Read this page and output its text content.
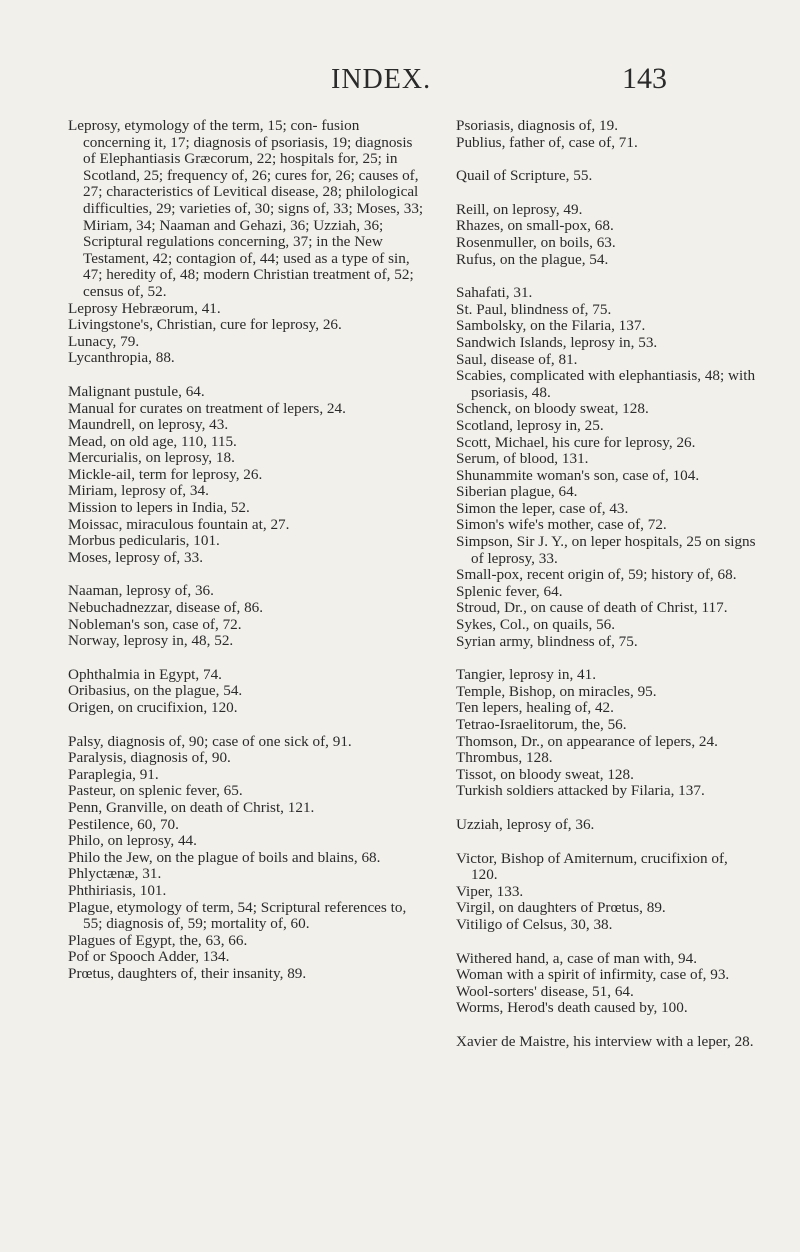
INDEX.	143

Leprosy, etymology of the term, 15; con- fusion concerning it, 17; diagnosis of psoriasis, 19; diagnosis of Elephantiasis Græcorum, 22; hospitals for, 25; in Scotland, 25; frequency of, 26; cures for, 26; causes of, 27; characteristics of Levitical disease, 28; philological difficulties, 29; varieties of, 30; signs of, 33; Moses, 33; Miriam, 34; Naaman and Gehazi, 36; Uzziah, 36; Scriptural regulations concerning, 37; in the New Testament, 42; contagion of, 44; used as a type of sin, 47; heredity of, 48; modern Christian treatment of, 52; census of, 52.

Leprosy Hebræorum, 41.

Livingstone's, Christian, cure for leprosy, 26.

Lunacy, 79.

Lycanthropia, 88.

Malignant pustule, 64.

Manual for curates on treatment of lepers, 24.

Maundrell, on leprosy, 43.

Mead, on old age, 110, 115.

Mercurialis, on leprosy, 18.

Mickle-ail, term for leprosy, 26.

Miriam, leprosy of, 34.

Mission to lepers in India, 52.

Moissac, miraculous fountain at, 27.

Morbus pedicularis, 101.

Moses, leprosy of, 33.

Naaman, leprosy of, 36.

Nebuchadnezzar, disease of, 86.

Nobleman's son, case of, 72.

Norway, leprosy in, 48, 52.

Ophthalmia in Egypt, 74.

Oribasius, on the plague, 54.

Origen, on crucifixion, 120.

Palsy, diagnosis of, 90; case of one sick of, 91.

Paralysis, diagnosis of, 90.

Paraplegia, 91.

Pasteur, on splenic fever, 65.

Penn, Granville, on death of Christ, 121.

Pestilence, 60, 70.

Philo, on leprosy, 44.

Philo the Jew, on the plague of boils and blains, 68.

Phlyctænæ, 31.

Phthiriasis, 101.

Plague, etymology of term, 54; Scriptural references to, 55; diagnosis of, 59; mortality of, 60.

Plagues of Egypt, the, 63, 66.

Pof or Spooch Adder, 134.

Prœtus, daughters of, their insanity, 89.

Psoriasis, diagnosis of, 19.

Publius, father of, case of, 71.

Quail of Scripture, 55.

Reill, on leprosy, 49.

Rhazes, on small-pox, 68.

Rosenmuller, on boils, 63.

Rufus, on the plague, 54.

Sahafati, 31.

St. Paul, blindness of, 75.

Sambolsky, on the Filaria, 137.

Sandwich Islands, leprosy in, 53.

Saul, disease of, 81.

Scabies, complicated with elephantiasis, 48; with psoriasis, 48.

Schenck, on bloody sweat, 128.

Scotland, leprosy in, 25.

Scott, Michael, his cure for leprosy, 26.

Serum, of blood, 131.

Shunammite woman's son, case of, 104.

Siberian plague, 64.

Simon the leper, case of, 43.

Simon's wife's mother, case of, 72.

Simpson, Sir J. Y., on leper hospitals, 25 on signs of leprosy, 33.

Small-pox, recent origin of, 59; history of, 68.

Splenic fever, 64.

Stroud, Dr., on cause of death of Christ, 117.

Sykes, Col., on quails, 56.

Syrian army, blindness of, 75.

Tangier, leprosy in, 41.

Temple, Bishop, on miracles, 95.

Ten lepers, healing of, 42.

Tetrao-Israelitorum, the, 56.

Thomson, Dr., on appearance of lepers, 24.

Thrombus, 128.

Tissot, on bloody sweat, 128.

Turkish soldiers attacked by Filaria, 137.

Uzziah, leprosy of, 36.

Victor, Bishop of Amiternum, crucifixion of, 120.

Viper, 133.

Virgil, on daughters of Prœtus, 89.

Vitiligo of Celsus, 30, 38.

Withered hand, a, case of man with, 94.

Woman with a spirit of infirmity, case of, 93.

Wool-sorters' disease, 51, 64.

Worms, Herod's death caused by, 100.

Xavier de Maistre, his interview with a leper, 28.
